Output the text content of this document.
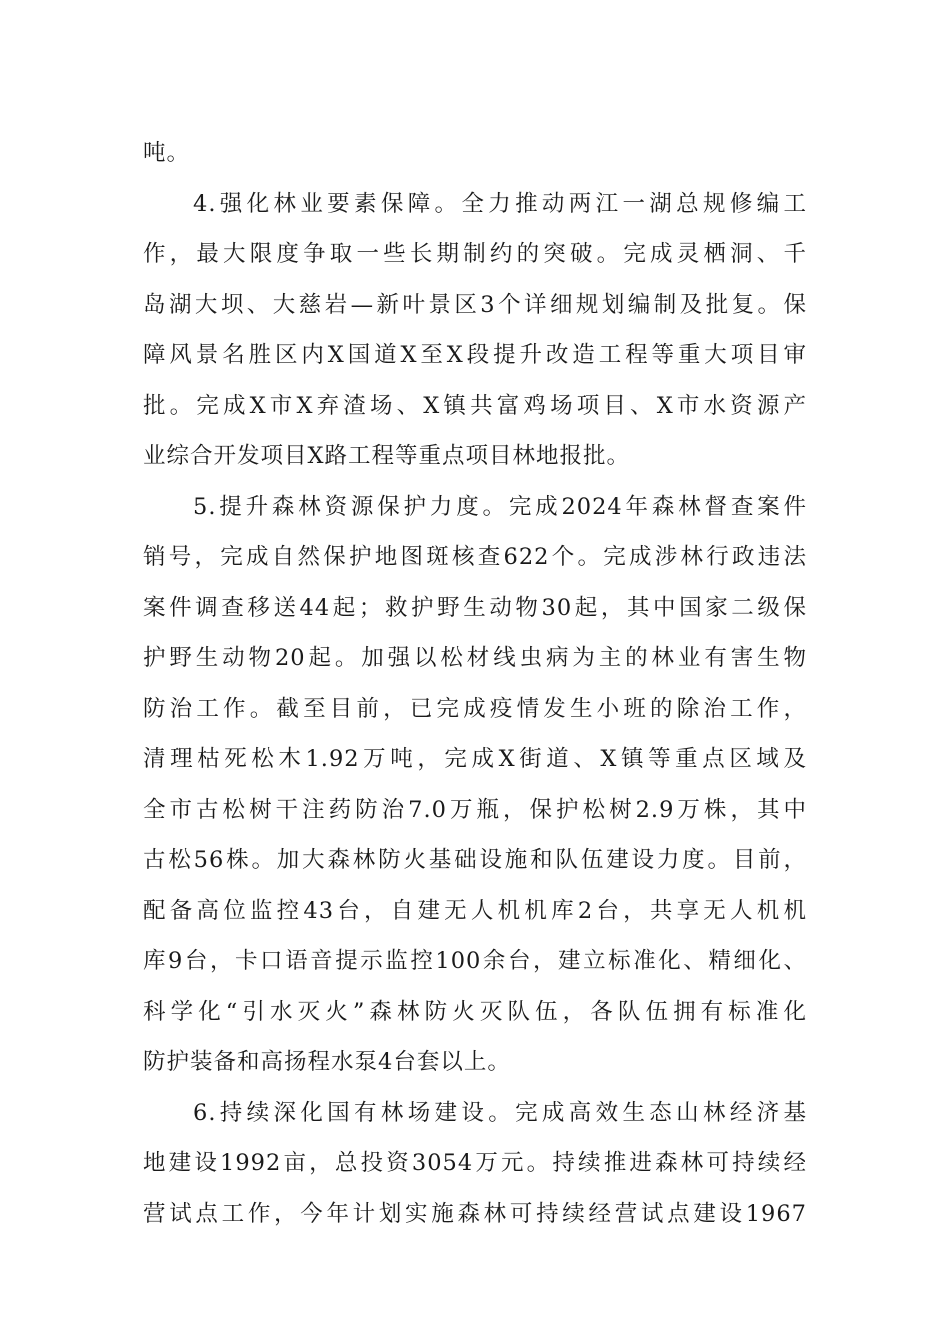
吨。
4.强化林业要素保障。全力推动两江一湖总规修编工
作，最大限度争取一些长期制约的突破。完成灵栖洞、千
岛湖大坝、大慈岩—新叶景区3个详细规划编制及批复。保
障风景名胜区内X国道X至X段提升改造工程等重大项目审
批。完成X市X弃渣场、X镇共富鸡场项目、X市水资源产
业综合开发项目X路工程等重点项目林地报批。
5.提升森林资源保护力度。完成2024年森林督查案件
销号，完成自然保护地图斑核查622个。完成涉林行政违法
案件调查移送44起；救护野生动物30起，其中国家二级保
护野生动物20起。加强以松材线虫病为主的林业有害生物
防治工作。截至目前，已完成疫情发生小班的除治工作，
清理枯死松木1.92万吨，完成X街道、X镇等重点区域及
全市古松树干注药防治7.0万瓶，保护松树2.9万株，其中
古松56株。加大森林防火基础设施和队伍建设力度。目前，
配备高位监控43台，自建无人机机库2台，共享无人机机
库9台，卡口语音提示监控100余台，建立标准化、精细化、
科学化“引水灭火”森林防火灭队伍，各队伍拥有标准化
防护装备和高扬程水泵4台套以上。
6.持续深化国有林场建设。完成高效生态山林经济基
地建设1992亩，总投资3054万元。持续推进森林可持续经
营试点工作，今年计划实施森林可持续经营试点建设1967
